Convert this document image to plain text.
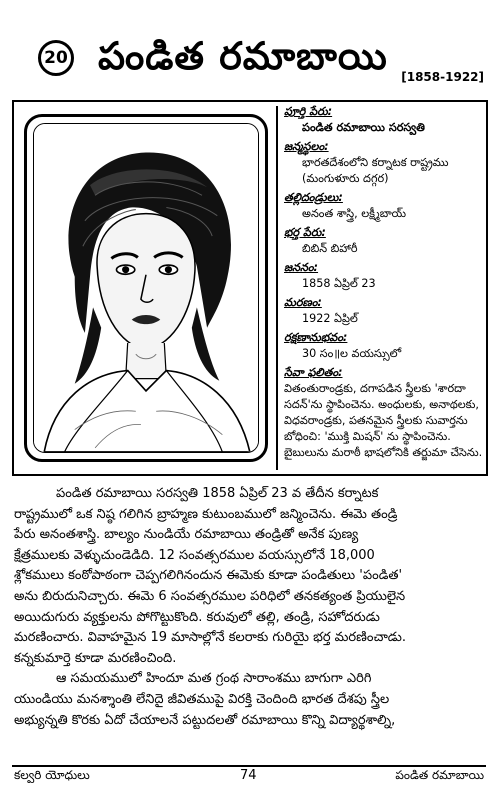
20 పండిత రమాబాయి [1858-1922]
పూర్తి పేరు:
పండిత రమాబాయి సరస్వతి
జన్మస్థలం:
భారతదేశంలోని కర్నాటక రాష్ట్రము (మంగుళూరు దగ్గర)
తల్లిదండ్రులు:
అనంత శాస్త్రి, లక్ష్మీబాయ్
భర్త పేరు:
బిబిన్ బిహారీ
జననం:
1858 ఏప్రిల్ 23
మరణం:
1922 ఏప్రిల్
రక్షణానుభవం:
30 సం॥ల వయస్సులో
సేవా ఫలితం:
వితంతురాండ్రకు, దగాపడిన స్త్రీలకు 'శారదా సదన్'ను స్థాపించెను. అంధులకు, అనాథలకు, విధవరాండ్రకు, పతనమైన స్త్రీలకు సువార్తను బోధించి: 'ముక్తి మిషన్' ను స్థాపించెను. బైబులును మరాఠీ భాషలోనికి తర్జుమా చేసెను.

పండిత రమాబాయి సరస్వతి 1858 ఏప్రిల్ 23 వ తేదీన కర్నాటక
రాష్ట్రములో ఒక నిష్ఠ గలిగిన బ్రాహ్మణ కుటుంబములో జన్మించెను. ఈమె తండ్రి
పేరు అనంతశాస్త్రి. బాల్యం నుండియే రమాబాయి తండ్రితో అనేక పుణ్య
క్షేత్రములకు వెళ్ళుచుండెడిది. 12 సంవత్సరముల వయస్సులోనే 18,000
శ్లోకములు కంఠోపాఠంగా చెప్పగలిగినందున ఈమెకు కూడా పండితులు 'పండిత'
అను బిరుదునిచ్చారు. ఈమె 6 సంవత్సరముల పరిధిలో తనకత్యంత ప్రియులైన
అయిదుగురు వ్యక్తులను పోగొట్టుకొంది. కరువులో తల్లి, తండ్రి, సహోదరుడు
మరణించారు. వివాహమైన 19 మాసాల్లోనే కలరాకు గురియై భర్త మరణించాడు.
కన్నకుమార్తె కూడా మరణించింది.

ఆ సమయములో హిందూ మత గ్రంథ సారాంశము బాగుగా ఎరిగి
యుండియు మనశ్శాంతి లేనిదై జీవితముపై విరక్తి చెందింది భారత దేశపు స్త్రీల
అభ్యున్నతి కొరకు ఏదో చేయాలనే పట్టుదలతో రమాబాయి కొన్ని విద్యార్థశాల్ని,

కల్వరి యోధులు	74	పండిత రమాబాయి
